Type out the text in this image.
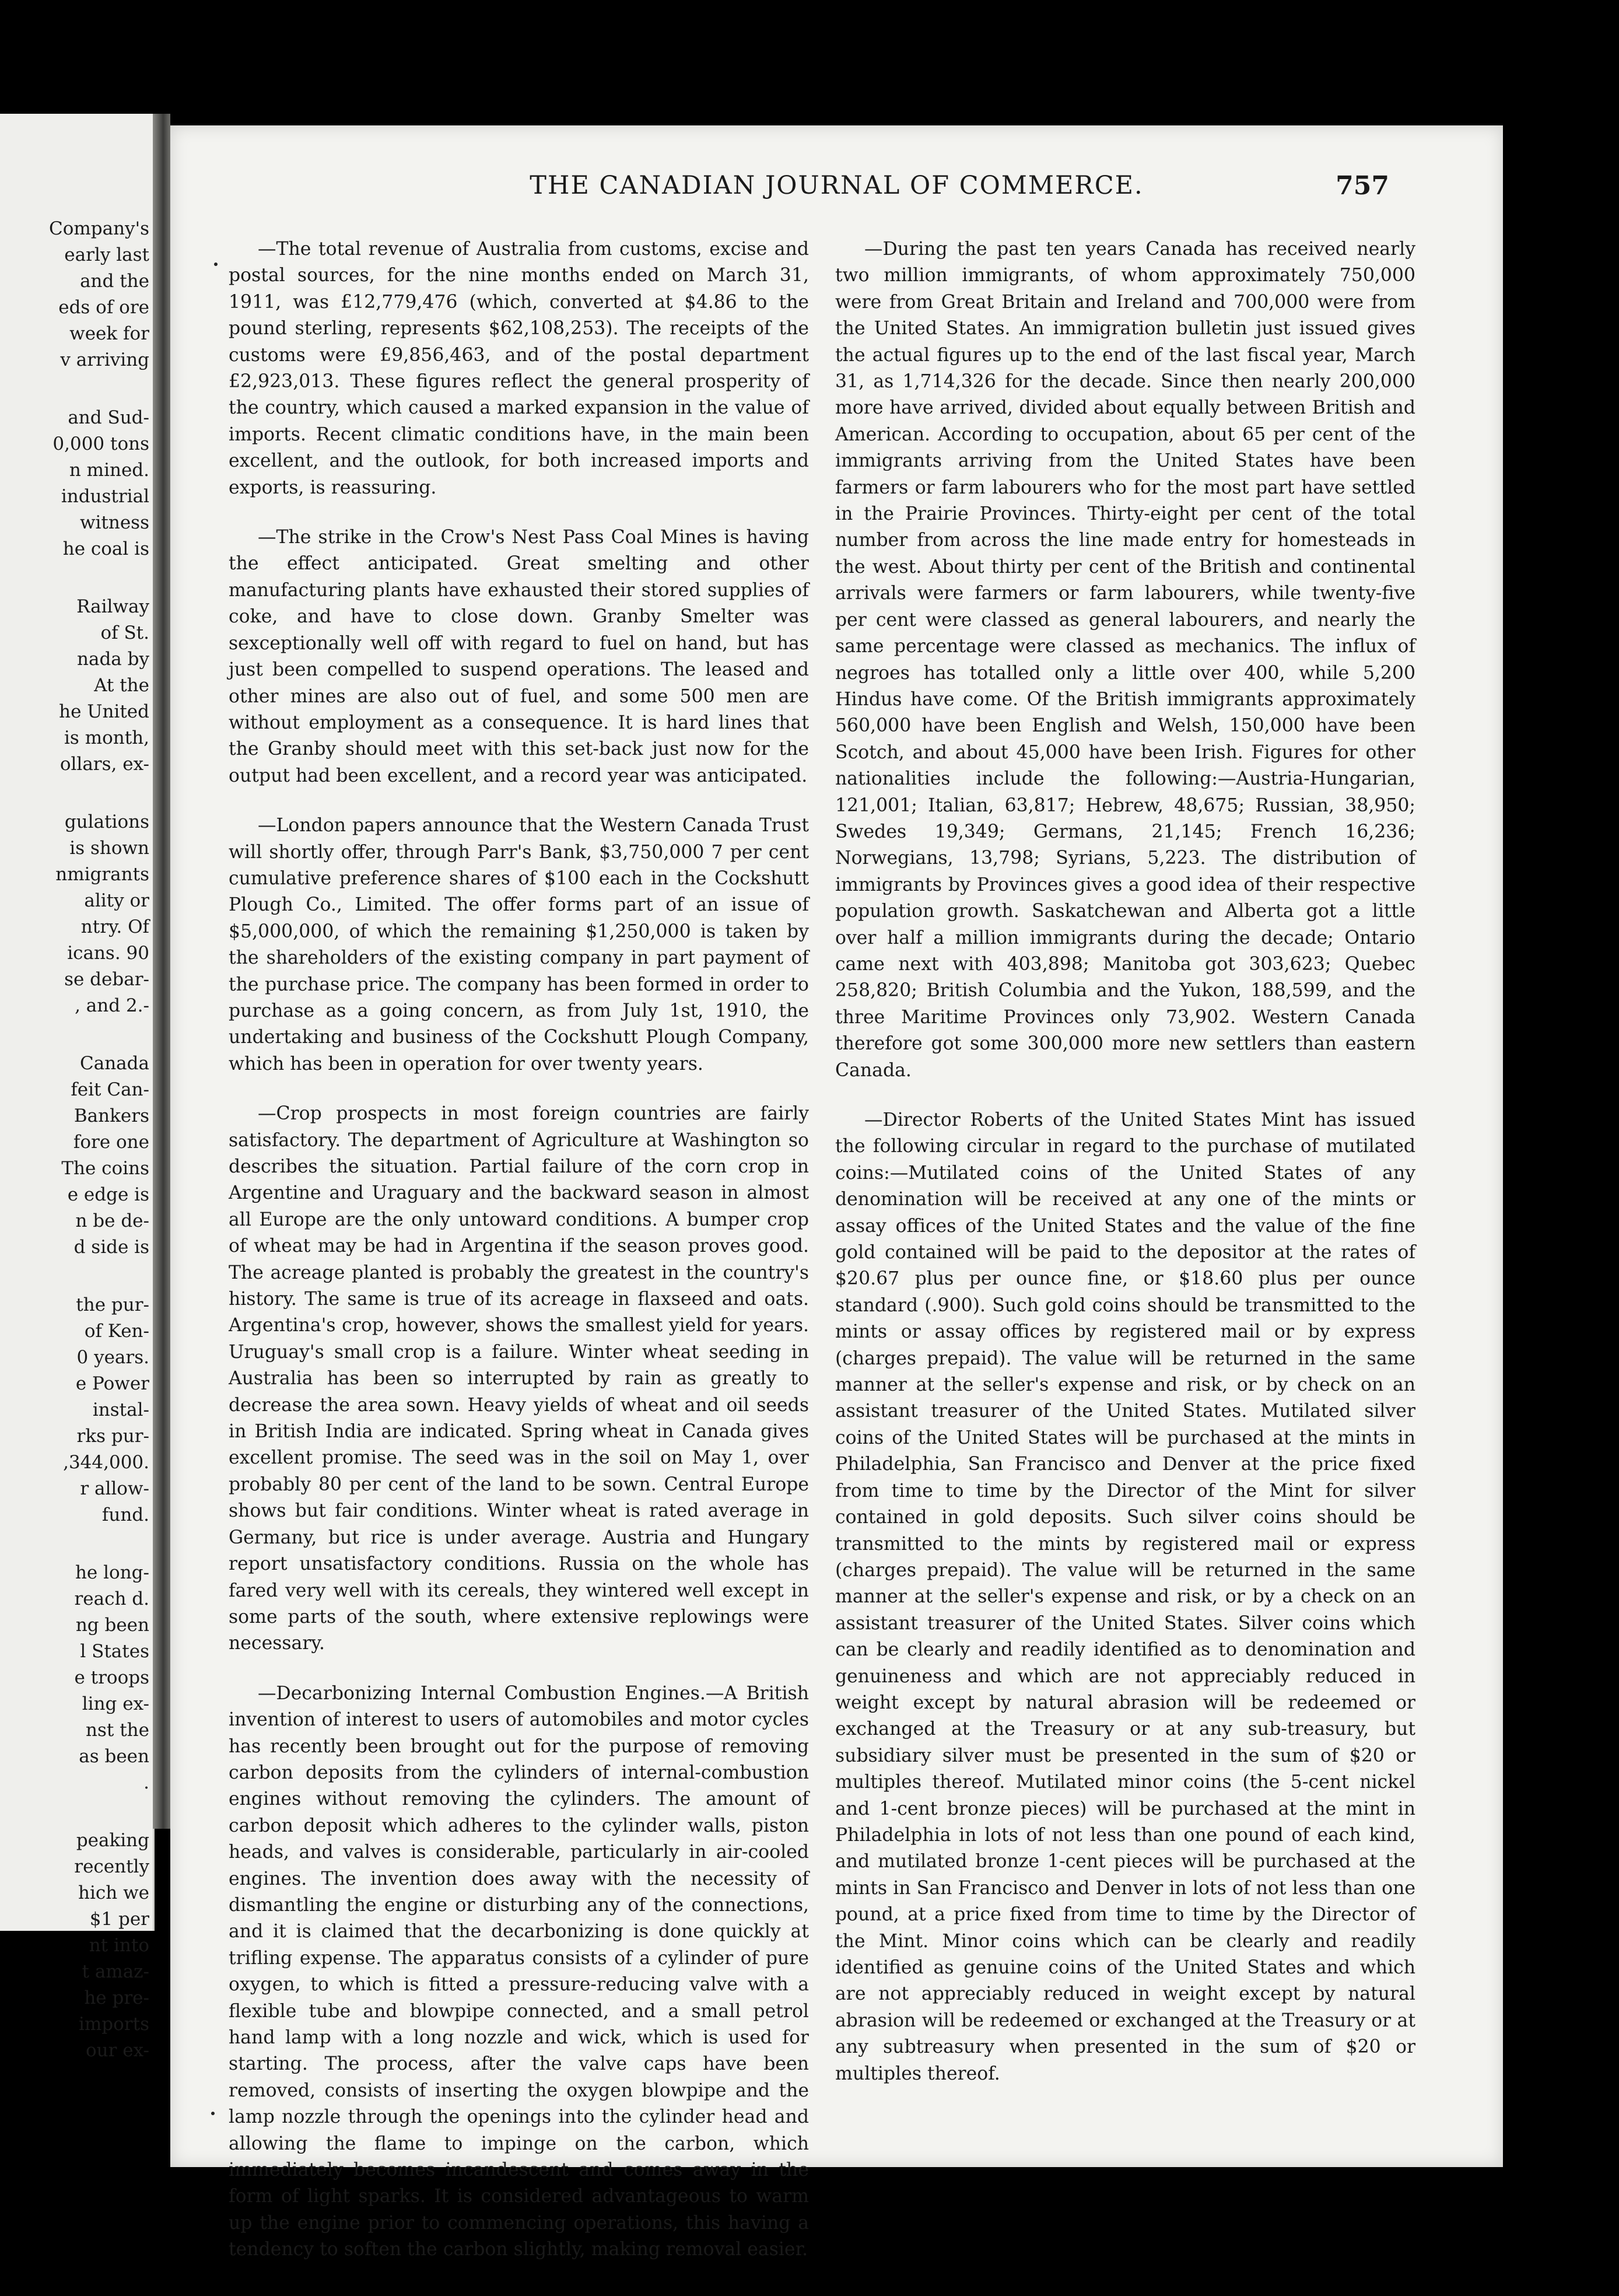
Company's
early last
and the
eds of ore
week for
v arriving
and Sud-
0,000 tons
n mined.
industrial
witness
he coal is
Railway
of St.
nada by
At the
he United
is month,
ollars, ex-
gulations
is shown
nmigrants
ality or
ntry. Of
icans. 90
se debar-
, and 2.-
Canada
feit Can-
Bankers
fore one
The coins
e edge is
n be de-
d side is
the pur-
of Ken-
0 years.
e Power
instal-
rks pur-
,344,000.
r allow-
fund.
he long-
reach d.
ng been
l States
e troops
ling ex-
nst the
as been
.
peaking
recently
hich we
$1 per
nt into
t amaz-
he pre-
imports
our ex-
THE CANADIAN JOURNAL OF COMMERCE.	757

—The total revenue of Australia from customs, excise and postal sources, for the nine months ended on March 31, 1911, was £12,779,476 (which, converted at $4.86 to the pound sterling, represents $62,108,253). The receipts of the customs were £9,856,463, and of the postal department £2,923,013. These figures reflect the general prosperity of the country, which caused a marked expansion in the value of imports. Recent climatic conditions have, in the main been excellent, and the outlook, for both increased imports and exports, is reassuring.

—The strike in the Crow's Nest Pass Coal Mines is having the effect anticipated. Great smelting and other manufacturing plants have exhausted their stored supplies of coke, and have to close down. Granby Smelter was sexceptionally well off with regard to fuel on hand, but has just been compelled to suspend operations. The leased and other mines are also out of fuel, and some 500 men are without employment as a consequence. It is hard lines that the Granby should meet with this set-back just now for the output had been excellent, and a record year was anticipated.

—London papers announce that the Western Canada Trust will shortly offer, through Parr's Bank, $3,750,000 7 per cent cumulative preference shares of $100 each in the Cockshutt Plough Co., Limited. The offer forms part of an issue of $5,000,000, of which the remaining $1,250,000 is taken by the shareholders of the existing company in part payment of the purchase price. The company has been formed in order to purchase as a going concern, as from July 1st, 1910, the undertaking and business of the Cockshutt Plough Company, which has been in operation for over twenty years.

—Crop prospects in most foreign countries are fairly satisfactory. The department of Agriculture at Washington so describes the situation. Partial failure of the corn crop in Argentine and Uraguary and the backward season in almost all Europe are the only untoward conditions. A bumper crop of wheat may be had in Argentina if the season proves good. The acreage planted is probably the greatest in the country's history. The same is true of its acreage in flaxseed and oats. Argentina's crop, however, shows the smallest yield for years. Uruguay's small crop is a failure. Winter wheat seeding in Australia has been so interrupted by rain as greatly to decrease the area sown. Heavy yields of wheat and oil seeds in British India are indicated. Spring wheat in Canada gives excellent promise. The seed was in the soil on May 1, over probably 80 per cent of the land to be sown. Central Europe shows but fair conditions. Winter wheat is rated average in Germany, but rice is under average. Austria and Hungary report unsatisfactory conditions. Russia on the whole has fared very well with its cereals, they wintered well except in some parts of the south, where extensive replowings were necessary.

—Decarbonizing Internal Combustion Engines.—A British invention of interest to users of automobiles and motor cycles has recently been brought out for the purpose of removing carbon deposits from the cylinders of internal-combustion engines without removing the cylinders. The amount of carbon deposit which adheres to the cylinder walls, piston heads, and valves is considerable, particularly in air-cooled engines. The invention does away with the necessity of dismantling the engine or disturbing any of the connections, and it is claimed that the decarbonizing is done quickly at trifling expense. The apparatus consists of a cylinder of pure oxygen, to which is fitted a pressure-reducing valve with a flexible tube and blowpipe connected, and a small petrol hand lamp with a long nozzle and wick, which is used for starting. The process, after the valve caps have been removed, consists of inserting the oxygen blowpipe and the lamp nozzle through the openings into the cylinder head and allowing the flame to impinge on the carbon, which immediately becomes incandescent and comes away in the form of light sparks. It is considered advantageous to warm up the engine prior to commencing operations, this having a tendency to soften the carbon slightly, making removal easier.

—During the past ten years Canada has received nearly two million immigrants, of whom approximately 750,000 were from Great Britain and Ireland and 700,000 were from the United States. An immigration bulletin just issued gives the actual figures up to the end of the last fiscal year, March 31, as 1,714,326 for the decade. Since then nearly 200,000 more have arrived, divided about equally between British and American. According to occupation, about 65 per cent of the immigrants arriving from the United States have been farmers or farm labourers who for the most part have settled in the Prairie Provinces. Thirty-eight per cent of the total number from across the line made entry for homesteads in the west. About thirty per cent of the British and continental arrivals were farmers or farm labourers, while twenty-five per cent were classed as general labourers, and nearly the same percentage were classed as mechanics. The influx of negroes has totalled only a little over 400, while 5,200 Hindus have come. Of the British immigrants approximately 560,000 have been English and Welsh, 150,000 have been Scotch, and about 45,000 have been Irish. Figures for other nationalities include the following:—Austria-Hungarian, 121,001; Italian, 63,817; Hebrew, 48,675; Russian, 38,950; Swedes 19,349; Germans, 21,145; French 16,236; Norwegians, 13,798; Syrians, 5,223. The distribution of immigrants by Provinces gives a good idea of their respective population growth. Saskatchewan and Alberta got a little over half a million immigrants during the decade; Ontario came next with 403,898; Manitoba got 303,623; Quebec 258,820; British Columbia and the Yukon, 188,599, and the three Maritime Provinces only 73,902. Western Canada therefore got some 300,000 more new settlers than eastern Canada.

—Director Roberts of the United States Mint has issued the following circular in regard to the purchase of mutilated coins:—Mutilated coins of the United States of any denomination will be received at any one of the mints or assay offices of the United States and the value of the fine gold contained will be paid to the depositor at the rates of $20.67 plus per ounce fine, or $18.60 plus per ounce standard (.900). Such gold coins should be transmitted to the mints or assay offices by registered mail or by express (charges prepaid). The value will be returned in the same manner at the seller's expense and risk, or by check on an assistant treasurer of the United States. Mutilated silver coins of the United States will be purchased at the mints in Philadelphia, San Francisco and Denver at the price fixed from time to time by the Director of the Mint for silver contained in gold deposits. Such silver coins should be transmitted to the mints by registered mail or express (charges prepaid). The value will be returned in the same manner at the seller's expense and risk, or by a check on an assistant treasurer of the United States. Silver coins which can be clearly and readily identified as to denomination and genuineness and which are not appreciably reduced in weight except by natural abrasion will be redeemed or exchanged at the Treasury or at any sub-treasury, but subsidiary silver must be presented in the sum of $20 or multiples thereof. Mutilated minor coins (the 5-cent nickel and 1-cent bronze pieces) will be purchased at the mint in Philadelphia in lots of not less than one pound of each kind, and mutilated bronze 1-cent pieces will be purchased at the mints in San Francisco and Denver in lots of not less than one pound, at a price fixed from time to time by the Director of the Mint. Minor coins which can be clearly and readily identified as genuine coins of the United States and which are not appreciably reduced in weight except by natural abrasion will be redeemed or exchanged at the Treasury or at any subtreasury when presented in the sum of $20 or multiples thereof.
